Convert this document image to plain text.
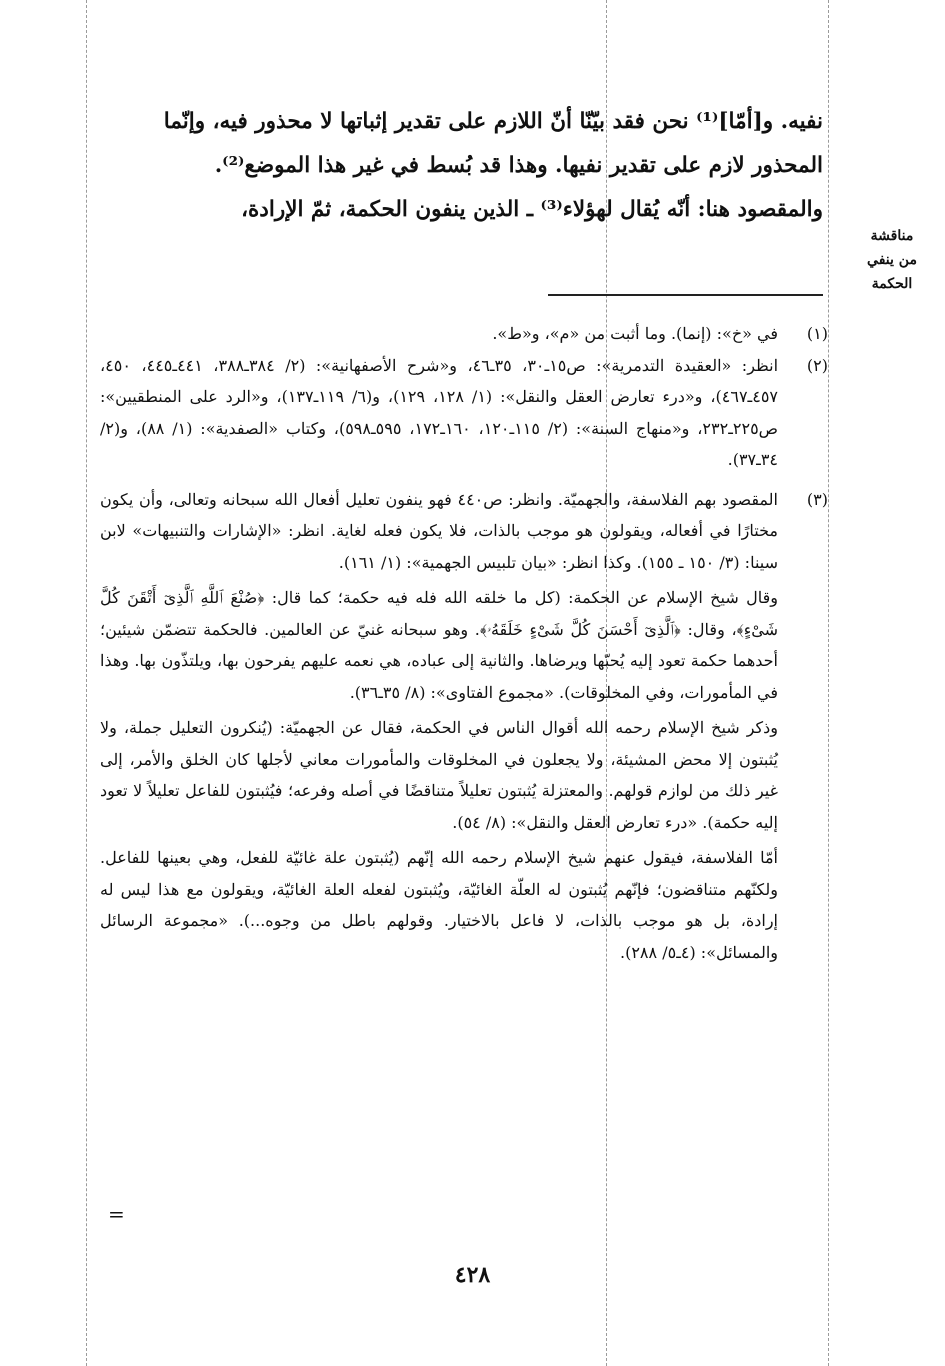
نفيه. و[أمّا]⁽¹⁾ نحن فقد بيّنّا أنّ اللازم على تقدير إثباتها لا محذور فيه، وإنّما

المحذور لازم على تقدير نفيها. وهذا قد بُسط في غير هذا الموضع⁽²⁾.

والمقصود هنا: أنّه يُقال لهؤلاء⁽³⁾ ـ الذين ينفون الحكمة، ثمّ الإرادة،

مناقشة
من ينفي الحكمة
(١)

في «خ»: (إنما). وما أثبت من «م»، و«ط».

(٢)

انظر: «العقيدة التدمرية»: ص١٥ـ٣٠، ٣٥ـ٤٦، و«شرح الأصفهانية»: (٢/ ٣٨٤ـ٣٨٨، ٤٤١ـ٤٤٥، ٤٥٠، ٤٥٧ـ٤٦٧)، و«درء تعارض العقل والنقل»: (١/ ١٢٨، ١٢٩)، و(٦/ ١١٩ـ١٣٧)، و«الرد على المنطقيين»: ص٢٢٥ـ٢٣٢، و«منهاج السنة»: (٢/ ١١٥ـ١٢٠، ١٦٠ـ١٧٢، ٥٩٥ـ٥٩٨)، وكتاب «الصفدية»: (١/ ٨٨)، و(٢/ ٣٤ـ٣٧).

(٣)

المقصود بهم الفلاسفة، والجهميّة. وانظر: ص٤٤٠ فهو ينفون تعليل أفعال الله سبحانه وتعالى، وأن يكون مختارًا في أفعاله، ويقولون هو موجب بالذات، فلا يكون فعله لغاية. انظر: «الإشارات والتنبيهات» لابن سينا: (٣/ ١٥٠ ـ ١٥٥). وكذا انظر: «بيان تلبيس الجهمية»: (١/ ١٦١).

وقال شيخ الإسلام عن الحكمة: (كل ما خلقه الله فله فيه حكمة؛ كما قال: ﴿صُنْعَ ٱللَّهِ ٱلَّذِىٓ أَتْقَنَ كُلَّ شَىْءٍ﴾، وقال: ﴿ٱلَّذِىٓ أَحْسَنَ كُلَّ شَىْءٍ خَلَقَهُۥ﴾. وهو سبحانه غنيّ عن العالمين. فالحكمة تتضمّن شيئين؛ أحدهما حكمة تعود إليه يُحبّها ويرضاها. والثانية إلى عباده، هي نعمه عليهم يفرحون بها، ويلتذّون بها. وهذا في المأمورات، وفي المخلوقات). «مجموع الفتاوى»: (٨/ ٣٥ـ٣٦).

وذكر شيخ الإسلام رحمه الله أقوال الناس في الحكمة، فقال عن الجهميّة: (يُنكرون التعليل جملة، ولا يُثبتون إلا محض المشيئة، ولا يجعلون في المخلوقات والمأمورات معاني لأجلها كان الخلق والأمر، إلى غير ذلك من لوازم قولهم. والمعتزلة يُثبتون تعليلاً متناقضًا في أصله وفرعه؛ فيُثبتون للفاعل تعليلاً لا تعود إليه حكمة). «درء تعارض العقل والنقل»: (٨/ ٥٤).

أمّا الفلاسفة، فيقول عنهم شيخ الإسلام رحمه الله إنّهم (يُثبتون علة غائيّة للفعل، وهي بعينها للفاعل. ولكنّهم متناقضون؛ فإنّهم يُثبتون له العلّة الغائيّة، ويُثبتون لفعله العلة الغائيّة، ويقولون مع هذا ليس له إرادة، بل هو موجب بالذات، لا فاعل بالاختيار. وقولهم باطل من وجوه...). «مجموعة الرسائل والمسائل»: (٤ـ٥/ ٢٨٨).

=
٤٢٨
